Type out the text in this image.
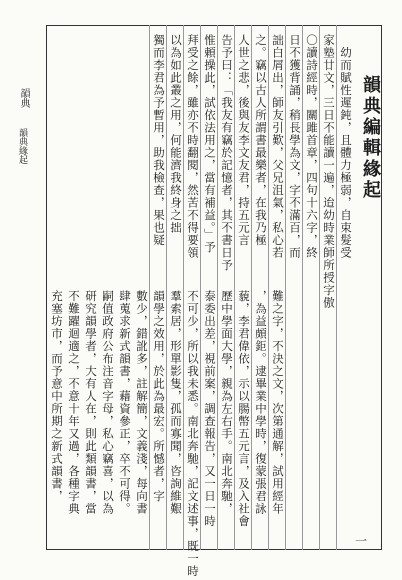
韻典
韻典緣起	韻典編輯緣起
　幼而賦性遲鈍，且體力極弱，自束髮受
家塾廿文，三日不能讀一遍，迨幼時業師所授字傲
〇讀詩經時，關雎首章，四句十六字，終
日不獲背誦，稍長學為文，字不滿百，而
詘白屑出，師友引歎，父兄沮氣，私心若
之。竊以古人所謂書最樂者，在我乃極
人世之悲，後與友李文友君，持五元言
告予曰：「我友有竊於記憶者，其不書日予
惟頼操此，試依法用之，當有補益。」予
拜受之餘，雖亦不時翻閱，然苦不得要領
以為如此叢之用，何能濟我終身之拙
獨而李君為予暫用，助我檢查，果也疑
難之字，不決之文，次第通解，試用經年
，為益頗鉅。逮畢業中學時，復蒙張君詠
藐，李君偉依，示以腸幣五元言，及入社會
歷中學面大學，親為左右手。南北奔馳，
泰委出差，視前案，調查報告，又一日一時
不可少，所以我未悉。南北奔馳，記文述事，既一時
羣索居，形單影隻，孤而寡聞，咨詢維艱
韻學之效用，於此為最宏。所憾者，字
數少，錯訛多，註解簡，文義淺，每向書
肆蒐求新式韻書，藉資參正，卒不可得。
嗣值政府公布注音字母，私心竊喜，以為
研究韻學者，大有人在，則此類韻書，當
不難躍迴適之，不意十年又過，各種字典
充塞坊市，而予意中所期之新式韻書，
一
